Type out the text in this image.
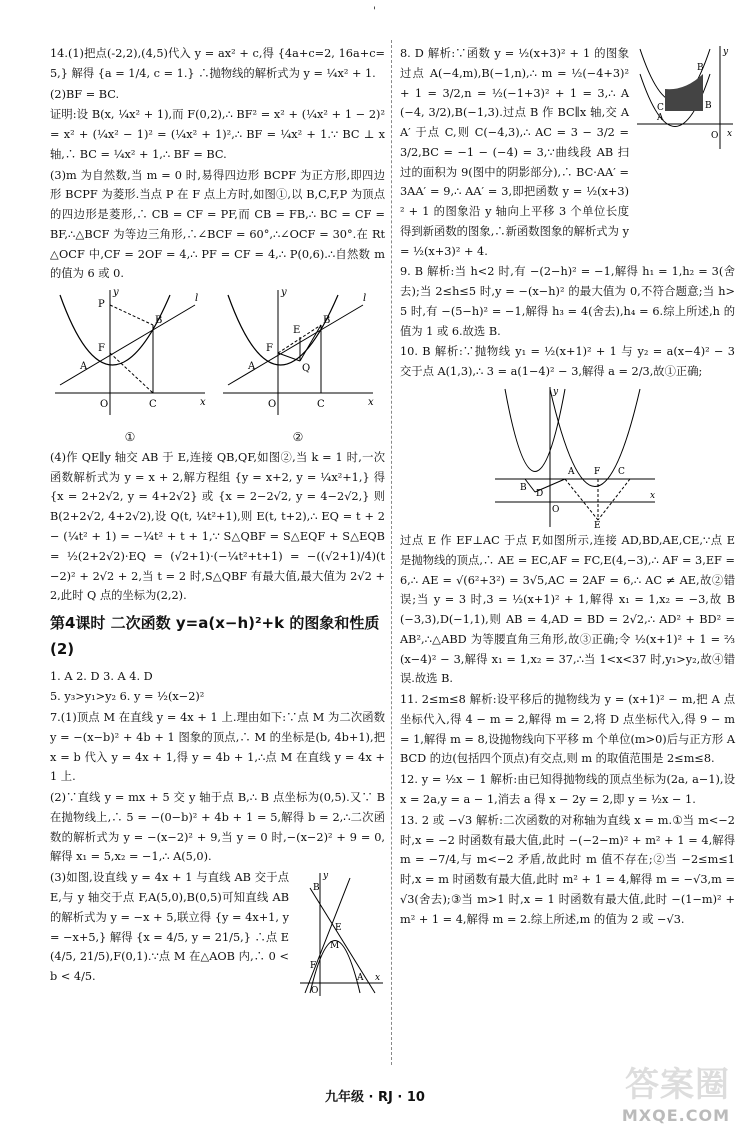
'

14.(1)把点(-2,2),(4,5)代入 y = ax² + c,得 {4a+c=2, 16a+c=5,} 解得 {a = 1/4, c = 1.} ∴抛物线的解析式为 y = ¼x² + 1.

(2)BF = BC.

证明:设 B(x, ¼x² + 1),而 F(0,2),∴ BF² = x² + (¼x² + 1 − 2)² = x² + (¼x² − 1)² = (¼x² + 1)²,∴ BF = ¼x² + 1.∵ BC ⊥ x 轴,∴ BC = ¼x² + 1,∴ BF = BC.

(3)m 为自然数,当 m = 0 时,易得四边形 BCPF 为正方形,即四边形 BCPF 为菱形.当点 P 在 F 点上方时,如图①,以 B,C,F,P 为顶点的四边形是菱形,∴ CB = CF = PF,而 CB = FB,∴ BC = CF = BF,∴△BCF 为等边三角形,∴∠BCF = 60°,∴∠OCF = 30°.在 Rt△OCF 中,CF = 2OF = 4,∴ PF = CF = 4,∴ P(0,6).∴自然数 m 的值为 6 或 0.

P
B
F
A
O	C
l
x
y
①
E
B
F
Q
A
O	C
l
x
y
②

(4)作 QE∥y 轴交 AB 于 E,连接 QB,QF,如图②,当 k = 1 时,一次函数解析式为 y = x + 2,解方程组 {y = x+2, y = ¼x²+1,} 得 {x = 2+2√2, y = 4+2√2} 或 {x = 2−2√2, y = 4−2√2,} 则 B(2+2√2, 4+2√2),设 Q(t, ¼t²+1),则 E(t, t+2),∴ EQ = t + 2 − (¼t² + 1) = −¼t² + t + 1,∵ S△QBF = S△EQF + S△EQB = ½(2+2√2)·EQ = (√2+1)·(−¼t²+t+1) = −((√2+1)/4)(t−2)² + 2√2 + 2,当 t = 2 时,S△QBF 有最大值,最大值为 2√2 + 2,此时 Q 点的坐标为(2,2).

第4课时 二次函数 y=a(x−h)²+k 的图象和性质(2)

1. A 2. D 3. A 4. D

5. y₃>y₁>y₂ 6. y = ½(x−2)²

7.(1)顶点 M 在直线 y = 4x + 1 上.理由如下:∵点 M 为二次函数 y = −(x−b)² + 4b + 1 图象的顶点,∴ M 的坐标是(b, 4b+1),把 x = b 代入 y = 4x + 1,得 y = 4b + 1,∴点 M 在直线 y = 4x + 1 上.

(2)∵直线 y = mx + 5 交 y 轴于点 B,∴ B 点坐标为(0,5).又∵ B 在抛物线上,∴ 5 = −(0−b)² + 4b + 1 = 5,解得 b = 2,∴二次函数的解析式为 y = −(x−2)² + 9,当 y = 0 时,−(x−2)² + 9 = 0,解得 x₁ = 5,x₂ = −1,∴ A(5,0).

(3)如图,设直线 y = 4x + 1 与直线 AB 交于点 E,与 y 轴交于点 F,A(5,0),B(0,5)可知直线 AB 的解析式为 y = −x + 5,联立得 {y = 4x+1, y = −x+5,} 解得 {x = 4/5, y = 21/5,} ∴点 E(4/5, 21/5),F(0,1).∵点 M 在△AOB 内,∴ 0 < b < 4/5.

B
E
M
F
O
A x
y

8. D 解析:∵函数 y = ½(x+3)² + 1 的图象过点 A(−4,m),B(−1,n),∴ m = ½(−4+3)² + 1 = 3/2,n = ½(−1+3)² + 1 = 3,∴ A(−4, 3/2),B(−1,3).过点 B 作 BC∥x 轴,交 AA′ 于点 C,则 C(−4,3),∴ AC = 3 − 3/2 = 3/2,BC = −1 − (−4) = 3,∵曲线段 AB 扫过的面积为 9(图中的阴影部分),∴ BC·AA′ = 3AA′ = 9,∴ AA′ = 3,即把函数 y = ½(x+3)² + 1 的图象沿 y 轴向上平移 3 个单位长度得到新函数的图象,∴新函数图象的解析式为 y = ½(x+3)² + 4.

A′
B′
A
B
C
O x
y

9. B 解析:当 h<2 时,有 −(2−h)² = −1,解得 h₁ = 1,h₂ = 3(舍去);当 2≤h≤5 时,y = −(x−h)² 的最大值为 0,不符合题意;当 h>5 时,有 −(5−h)² = −1,解得 h₃ = 4(舍去),h₄ = 6.综上所述,h 的值为 1 或 6.故选 B.

10. B 解析:∵抛物线 y₁ = ½(x+1)² + 1 与 y₂ = a(x−4)² − 3 交于点 A(1,3),∴ 3 = a(1−4)² − 3,解得 a = 2/3,故①正确;

B
D
A F C
E
O
x
y

过点 E 作 EF⊥AC 于点 F,如图所示,连接 AD,BD,AE,CE,∵点 E 是抛物线的顶点,∴ AE = EC,AF = FC,E(4,−3),∴ AF = 3,EF = 6,∴ AE = √(6²+3²) = 3√5,AC = 2AF = 6,∴ AC ≠ AE,故②错误;当 y = 3 时,3 = ½(x+1)² + 1,解得 x₁ = 1,x₂ = −3,故 B(−3,3),D(−1,1),则 AB = 4,AD = BD = 2√2,∴ AD² + BD² = AB²,∴△ABD 为等腰直角三角形,故③正确;令 ½(x+1)² + 1 = ⅔(x−4)² − 3,解得 x₁ = 1,x₂ = 37,∴当 1<x<37 时,y₁>y₂,故④错误.故选 B.

11. 2≤m≤8 解析:设平移后的抛物线为 y = (x+1)² − m,把 A 点坐标代入,得 4 − m = 2,解得 m = 2,将 D 点坐标代入,得 9 − m = 1,解得 m = 8,设抛物线向下平移 m 个单位(m>0)后与正方形 ABCD 的边(包括四个顶点)有交点,则 m 的取值范围是 2≤m≤8.

12. y = ½x − 1 解析:由已知得抛物线的顶点坐标为(2a, a−1),设 x = 2a,y = a − 1,消去 a 得 x − 2y = 2,即 y = ½x − 1.

13. 2 或 −√3 解析:二次函数的对称轴为直线 x = m.①当 m<−2 时,x = −2 时函数有最大值,此时 −(−2−m)² + m² + 1 = 4,解得 m = −7/4,与 m<−2 矛盾,故此时 m 值不存在;②当 −2≤m≤1 时,x = m 时函数有最大值,此时 m² + 1 = 4,解得 m = −√3,m = √3(舍去);③当 m>1 时,x = 1 时函数有最大值,此时 −(1−m)² + m² + 1 = 4,解得 m = 2.综上所述,m 的值为 2 或 −√3.

九年级 · RJ · 10	答案圈
MXQE.COM
